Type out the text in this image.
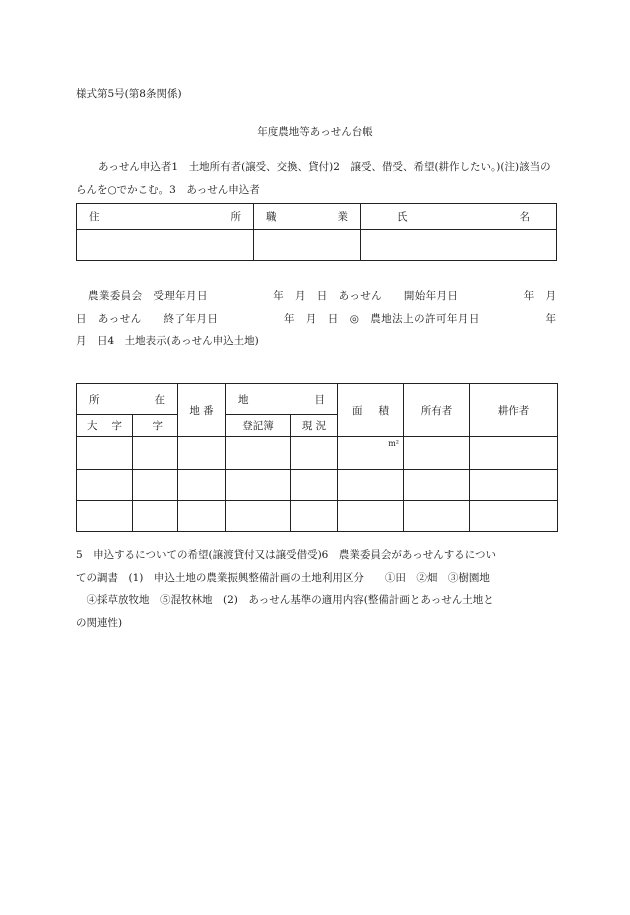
様式第5号(第8条関係)
年度農地等あっせん台帳
あっせん申込者1　土地所有者(譲受、交換、貸付)2　譲受、借受、希望(耕作したい。)(注)該当のらんを○でかこむ。3　あっせん申込者
住 所	職 業	氏 名

農業委員会　受理年月日　　　　　　年　月　日　あっせん　　開始年月日　　　　　　年　月　日　あっせん　　終了年月日　　　　　　年　月　日　◎　農地法上の許可年月日　　　　　　年　月　日4　土地表示(あっせん申込土地)
所 在		地 番	地 目		面 積	所有者	耕作者

大 字	字		登記簿	現 況			
					m²		

5　申込するについての希望(譲渡貸付又は譲受借受)6　農業委員会があっせんするについ
ての調書　(1)　申込土地の農業振興整備計画の土地利用区分　　①田　②畑　③樹園地
　④採草放牧地　⑤混牧林地　(2)　あっせん基準の適用内容(整備計画とあっせん土地と
の関連性)
